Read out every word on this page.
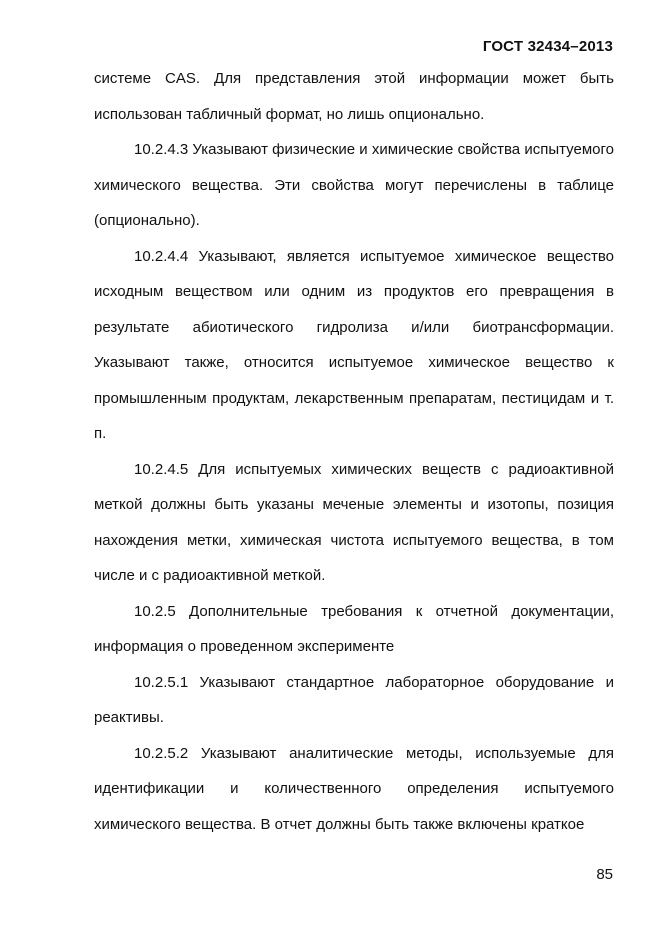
ГОСТ 32434–2013

системе CAS. Для представления этой информации может быть использован табличный формат, но лишь опционально.

10.2.4.3 Указывают физические и химические свойства испытуемого химического вещества. Эти свойства могут перечислены в таблице (опционально).

10.2.4.4 Указывают, является испытуемое химическое вещество исходным веществом или одним из продуктов его превращения в результате абиотического гидролиза и/или биотрансформации. Указывают также, относится испытуемое химическое вещество к промышленным продуктам, лекарственным препаратам, пестицидам и т. п.

10.2.4.5 Для испытуемых химических веществ с радиоактивной меткой должны быть указаны меченые элементы и изотопы, позиция нахождения метки, химическая чистота испытуемого вещества, в том числе и с радиоактивной меткой.

10.2.5 Дополнительные требования к отчетной документации, информация о проведенном эксперименте

10.2.5.1 Указывают стандартное лабораторное оборудование и реактивы.

10.2.5.2 Указывают аналитические методы, используемые для идентификации и количественного определения испытуемого химического вещества. В отчет должны быть также включены краткое

85
